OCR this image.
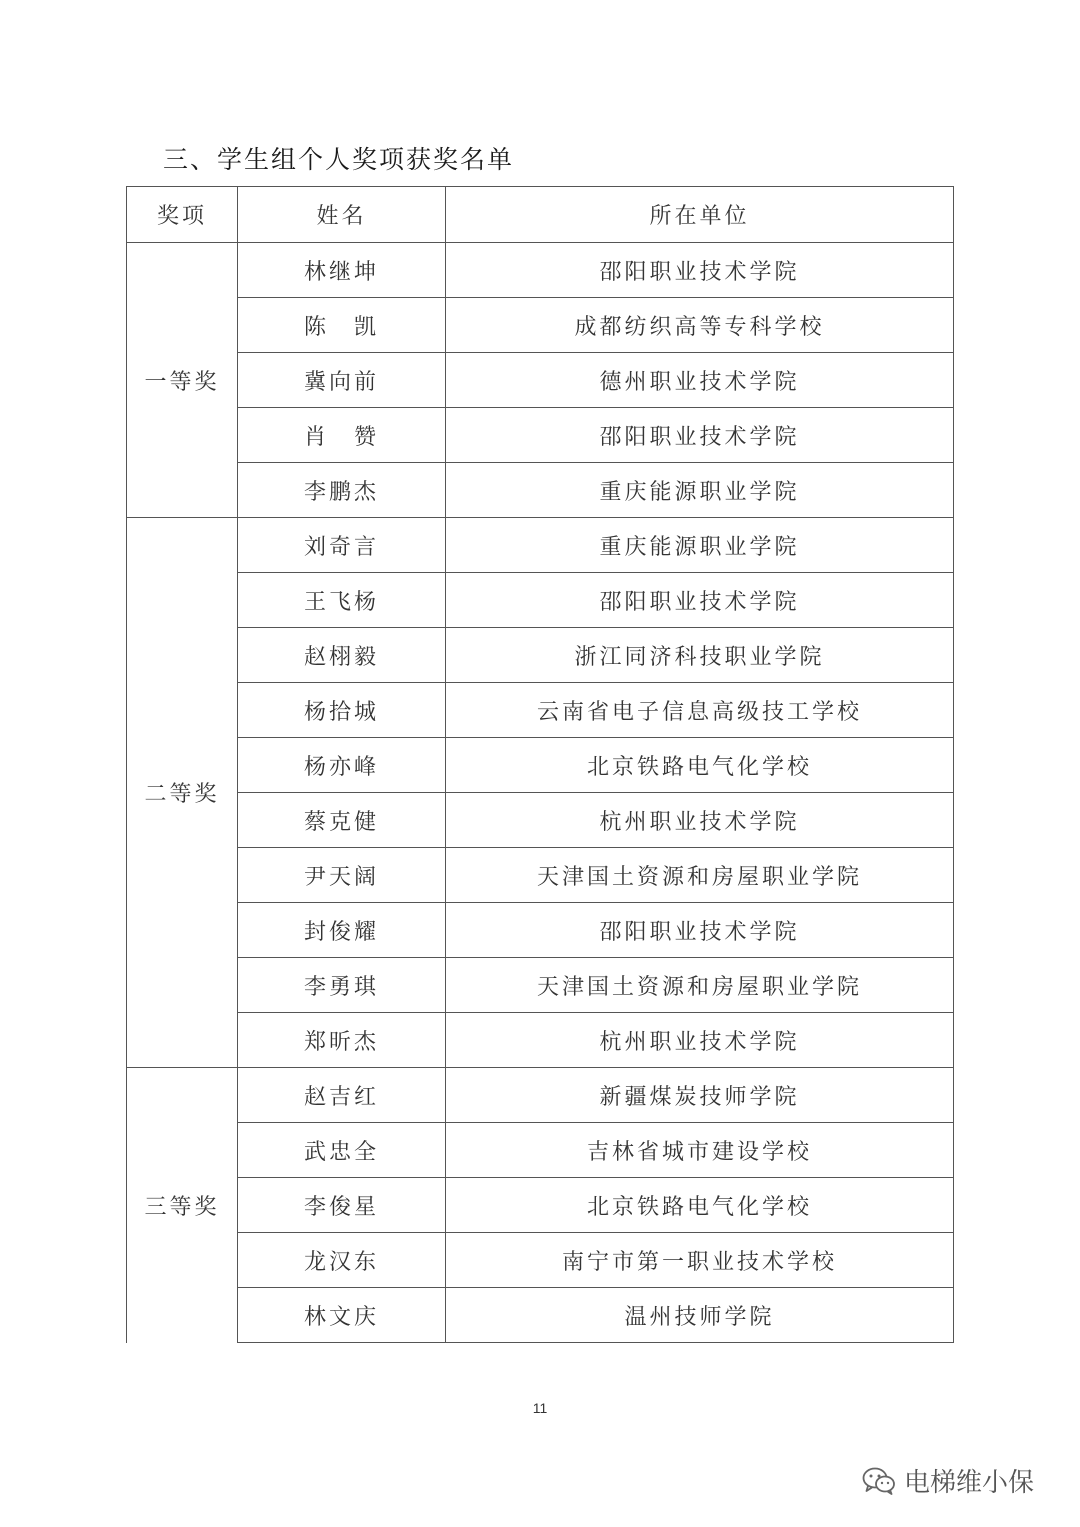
三、学生组个人奖项获奖名单
奖项	姓名	所在单位
一等奖	林继坤	邵阳职业技术学院
	陈　凯	成都纺织高等专科学校
	冀向前	德州职业技术学院
	肖　赞	邵阳职业技术学院
	李鹏杰	重庆能源职业学院
二等奖	刘奇言	重庆能源职业学院
	王飞杨	邵阳职业技术学院
	赵栩毅	浙江同济科技职业学院
	杨拾城	云南省电子信息高级技工学校
	杨亦峰	北京铁路电气化学校
	蔡克健	杭州职业技术学院
	尹天阔	天津国土资源和房屋职业学院
	封俊耀	邵阳职业技术学院
	李勇琪	天津国土资源和房屋职业学院
	郑昕杰	杭州职业技术学院
三等奖	赵吉红	新疆煤炭技师学院
	武忠全	吉林省城市建设学校
	李俊星	北京铁路电气化学校
	龙汉东	南宁市第一职业技术学校
	林文庆	温州技师学院
11
电梯维小保
